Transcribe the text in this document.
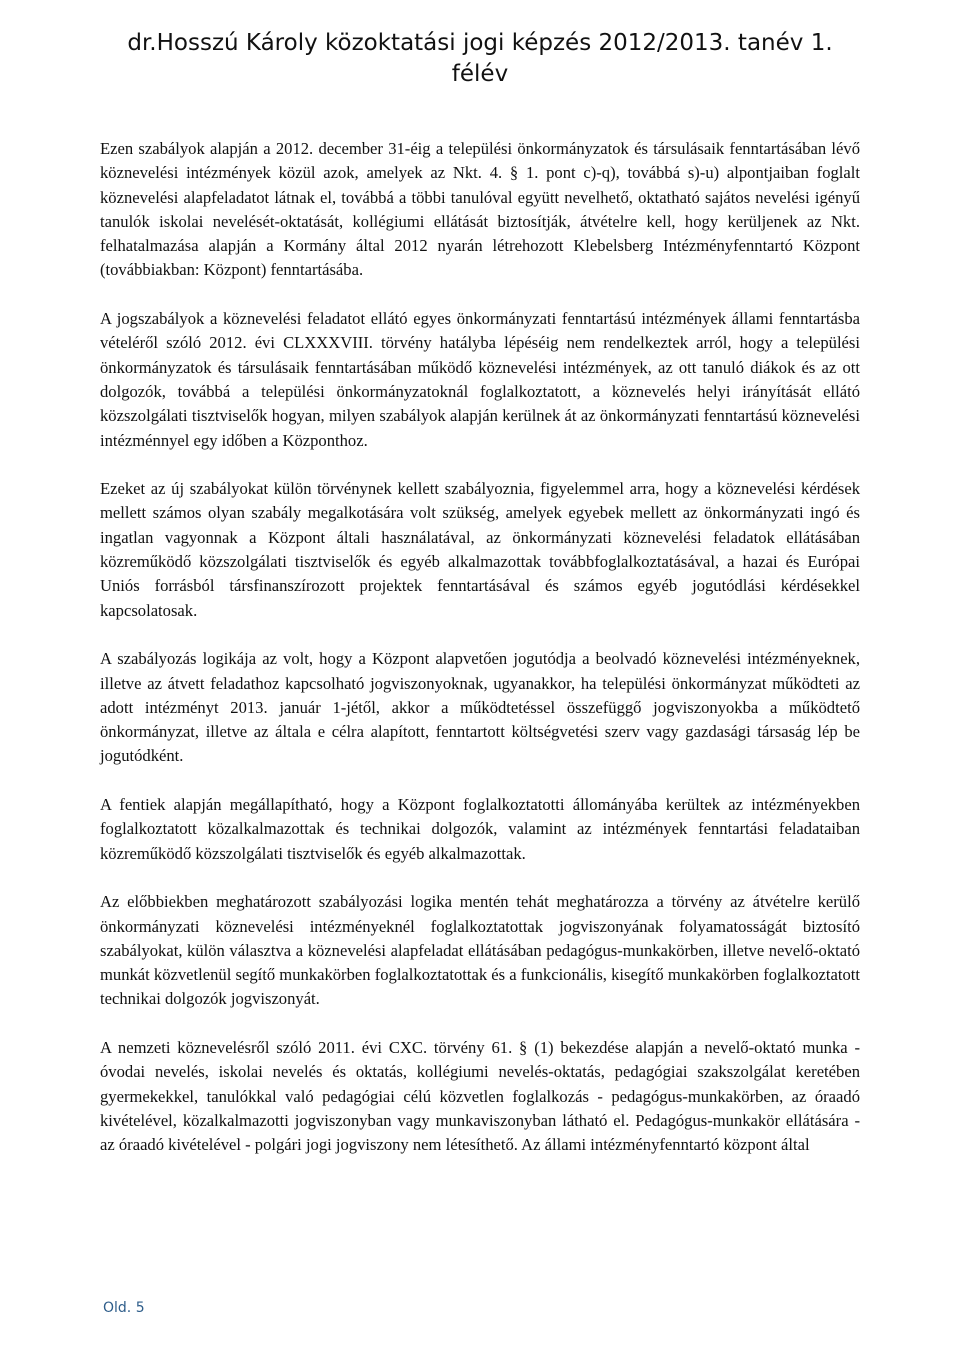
dr.Hosszú Károly közoktatási jogi képzés 2012/2013. tanév 1. félév

Ezen szabályok alapján a 2012. december 31-éig a települési önkormányzatok és társulásaik fenntartásában lévő köznevelési intézmények közül azok, amelyek az Nkt. 4. § 1. pont c)-q), továbbá s)-u) alpontjaiban foglalt köznevelési alapfeladatot látnak el, továbbá a többi tanulóval együtt nevelhető, oktatható sajátos nevelési igényű tanulók iskolai nevelését-oktatását, kollégiumi ellátását biztosítják, átvételre kell, hogy kerüljenek az Nkt. felhatalmazása alapján a Kormány által 2012 nyarán létrehozott Klebelsberg Intézményfenntartó Központ (továbbiakban: Központ) fenntartásába.

A jogszabályok a köznevelési feladatot ellátó egyes önkormányzati fenntartású intézmények állami fenntartásba vételéről szóló 2012. évi CLXXXVIII. törvény hatályba lépéséig nem rendelkeztek arról, hogy a települési önkormányzatok és társulásaik fenntartásában működő köznevelési intézmények, az ott tanuló diákok és az ott dolgozók, továbbá a települési önkormányzatoknál foglalkoztatott, a köznevelés helyi irányítását ellátó közszolgálati tisztviselők hogyan, milyen szabályok alapján kerülnek át az önkormányzati fenntartású köznevelési intézménnyel egy időben a Központhoz.

Ezeket az új szabályokat külön törvénynek kellett szabályoznia, figyelemmel arra, hogy a köznevelési kérdések mellett számos olyan szabály megalkotására volt szükség, amelyek egyebek mellett az önkormányzati ingó és ingatlan vagyonnak a Központ általi használatával, az önkormányzati köznevelési feladatok ellátásában közreműködő közszolgálati tisztviselők és egyéb alkalmazottak továbbfoglalkoztatásával, a hazai és Európai Uniós forrásból társfinanszírozott projektek fenntartásával és számos egyéb jogutódlási kérdésekkel kapcsolatosak.

A szabályozás logikája az volt, hogy a Központ alapvetően jogutódja a beolvadó köznevelési intézményeknek, illetve az átvett feladathoz kapcsolható jogviszonyoknak, ugyanakkor, ha települési önkormányzat működteti az adott intézményt 2013. január 1-jétől, akkor a működtetéssel összefüggő jogviszonyokba a működtető önkormányzat, illetve az általa e célra alapított, fenntartott költségvetési szerv vagy gazdasági társaság lép be jogutódként.

A fentiek alapján megállapítható, hogy a Központ foglalkoztatotti állományába kerültek az intézményekben foglalkoztatott közalkalmazottak és technikai dolgozók, valamint az intézmények fenntartási feladataiban közreműködő közszolgálati tisztviselők és egyéb alkalmazottak.

Az előbbiekben meghatározott szabályozási logika mentén tehát meghatározza a törvény az átvételre kerülő önkormányzati köznevelési intézményeknél foglalkoztatottak jogviszonyának folyamatosságát biztosító szabályokat, külön választva a köznevelési alapfeladat ellátásában pedagógus-munkakörben, illetve nevelő-oktató munkát közvetlenül segítő munkakörben foglalkoztatottak és a funkcionális, kisegítő munkakörben foglalkoztatott technikai dolgozók jogviszonyát.

A nemzeti köznevelésről szóló 2011. évi CXC. törvény 61. § (1) bekezdése alapján a nevelő-oktató munka - óvodai nevelés, iskolai nevelés és oktatás, kollégiumi nevelés-oktatás, pedagógiai szakszolgálat keretében gyermekekkel, tanulókkal való pedagógiai célú közvetlen foglalkozás - pedagógus-munkakörben, az óraadó kivételével, közalkalmazotti jogviszonyban vagy munkaviszonyban látható el. Pedagógus-munkakör ellátására - az óraadó kivételével - polgári jogi jogviszony nem létesíthető. Az állami intézményfenntartó központ által

Old. 5
